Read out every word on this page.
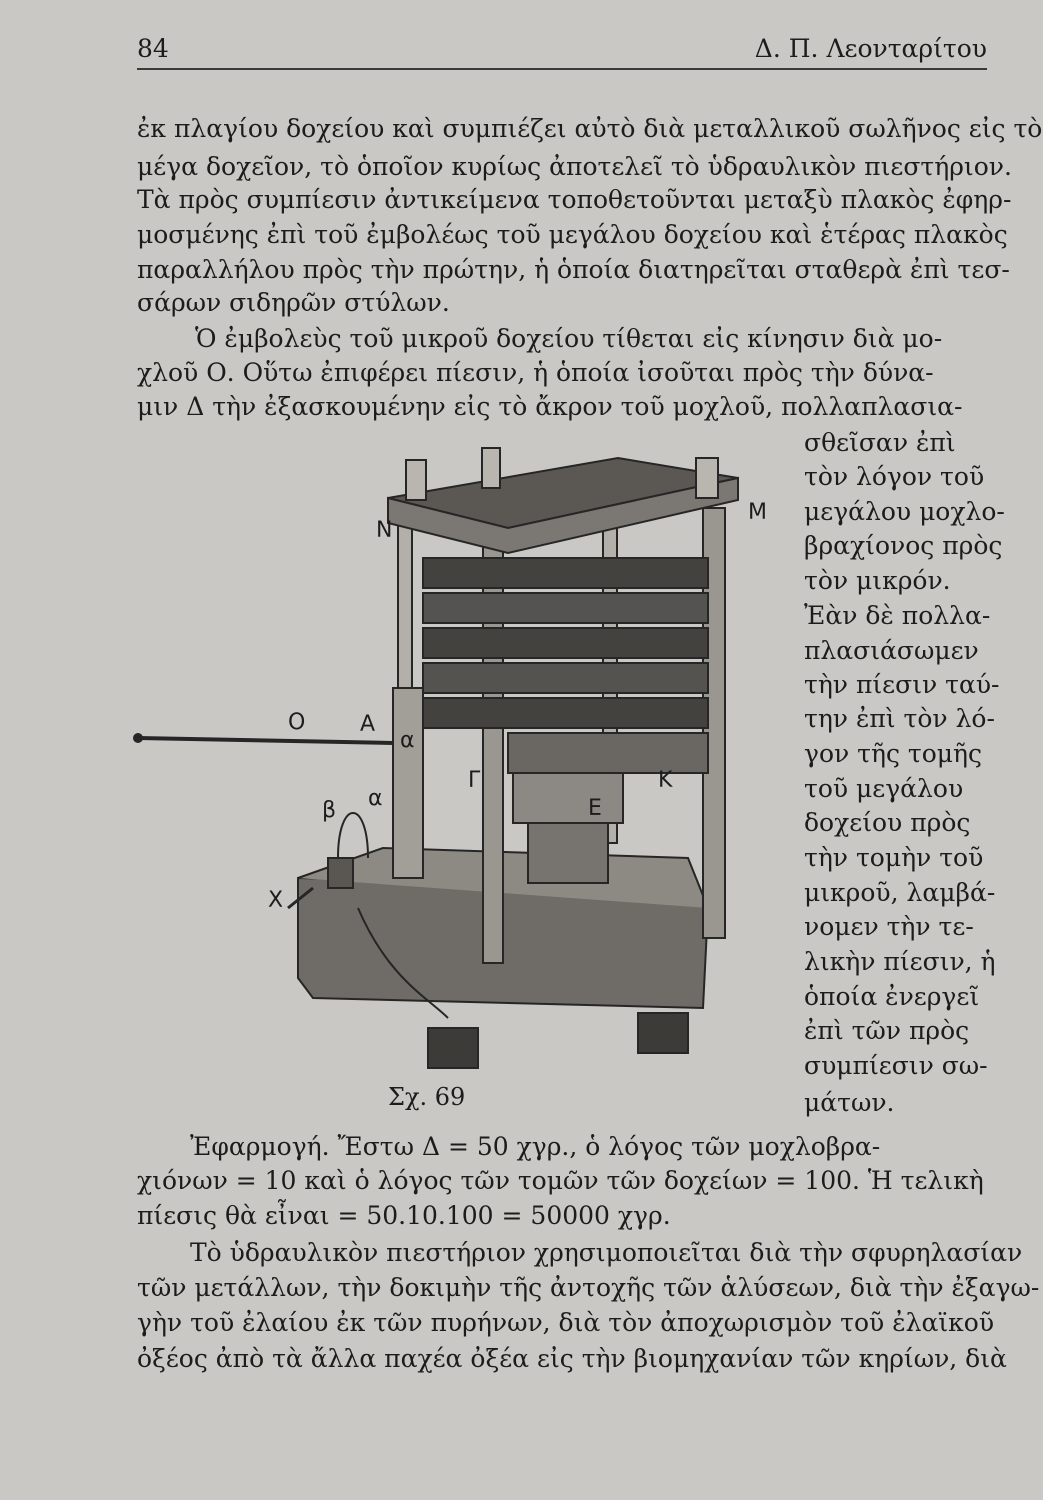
84	Δ. Π. Λεονταρίτου

ἐκ πλαγίου δοχείου καὶ συμπιέζει αὐτὸ διὰ μεταλλικοῦ σωλῆνος εἰς τὸ

μέγα δοχεῖον, τὸ ὁποῖον κυρίως ἀποτελεῖ τὸ ὑδραυλικὸν πιεστήριον.

Τὰ πρὸς συμπίεσιν ἀντικείμενα τοποθετοῦνται μεταξὺ πλακὸς ἐφηρ-

μοσμένης ἐπὶ τοῦ ἐμβολέως τοῦ μεγάλου δοχείου καὶ ἑτέρας πλακὸς

παραλλήλου πρὸς τὴν πρώτην, ἡ ὁποία διατηρεῖται σταθερὰ ἐπὶ τεσ-

σάρων σιδηρῶν στύλων.

Ὁ ἐμβολεὺς τοῦ μικροῦ δοχείου τίθεται εἰς κίνησιν διὰ μο-

χλοῦ Ο. Οὕτω ἐπιφέρει πίεσιν, ἡ ὁποία ἰσοῦται πρὸς τὴν δύνα-

μιν Δ τὴν ἐξασκουμένην εἰς τὸ ἄκρον τοῦ μοχλοῦ, πολλαπλασια-

σθεῖσαν ἐπὶ

τὸν λόγον τοῦ

μεγάλου μοχλο-

βραχίονος πρὸς

τὸν μικρόν.

Ἐὰν δὲ πολλα-

πλασιάσωμεν

τὴν πίεσιν ταύ-

την ἐπὶ τὸν λό-

γον τῆς τομῆς

τοῦ μεγάλου

δοχείου πρὸς

τὴν τομὴν τοῦ

μικροῦ, λαμβά-

νομεν τὴν τε-

λικὴν πίεσιν, ἡ

ὁποία ἐνεργεῖ

ἐπὶ τῶν πρὸς

συμπίεσιν σω-

μάτων.

Ο Α
α
α
β
Γ
Ε
Κ
Ν
Μ
Χ

Σχ. 69

Ἐφαρμογή. Ἔστω Δ = 50 χγρ., ὁ λόγος τῶν μοχλοβρα-

χιόνων = 10 καὶ ὁ λόγος τῶν τομῶν τῶν δοχείων = 100. Ἡ τελικὴ

πίεσις θὰ εἶναι = 50.10.100 = 50000 χγρ.

Τὸ ὑδραυλικὸν πιεστήριον χρησιμοποιεῖται διὰ τὴν σφυρηλασίαν

τῶν μετάλλων, τὴν δοκιμὴν τῆς ἀντοχῆς τῶν ἁλύσεων, διὰ τὴν ἐξαγω-

γὴν τοῦ ἐλαίου ἐκ τῶν πυρήνων, διὰ τὸν ἀποχωρισμὸν τοῦ ἐλαϊκοῦ

ὀξέος ἀπὸ τὰ ἄλλα παχέα ὀξέα εἰς τὴν βιομηχανίαν τῶν κηρίων, διὰ
